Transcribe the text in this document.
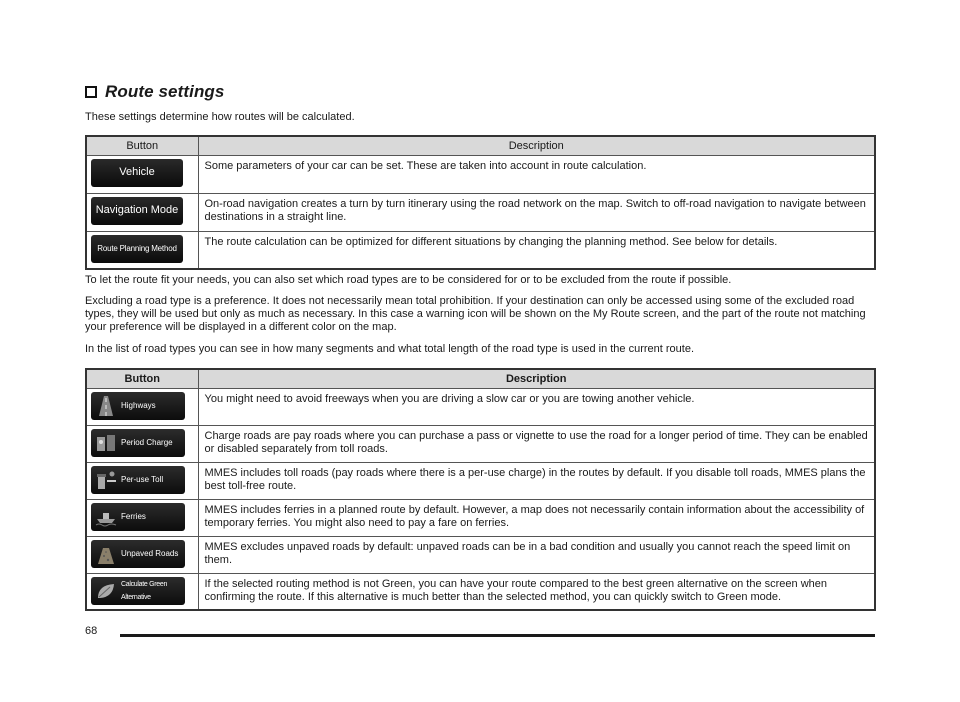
Route settings
These settings determine how routes will be calculated.
Button	Description

Vehicle	Some parameters of your car can be set. These are taken into account in route calculation.

Navigation Mode	On-road navigation creates a turn by turn itinerary using the road network on the map. Switch to off-road navigation to navigate between destinations in a straight line.

Route Planning Method	The route calculation can be optimized for different situations by changing the planning method. See below for details.
To let the route fit your needs, you can also set which road types are to be considered for or to be excluded from the route if possible.
Excluding a road type is a preference. It does not necessarily mean total prohibition. If your destination can only be accessed using some of the excluded road types, they will be used but only as much as necessary. In this case a warning icon will be shown on the My Route screen, and the part of the route not matching your preference will be displayed in a different color on the map.
In the list of road types you can see in how many segments and what total length of the road type is used in the current route.
Button	Description

Highways	You might need to avoid freeways when you are driving a slow car or you are towing another vehicle.

Period Charge	Charge roads are pay roads where you can purchase a pass or vignette to use the road for a longer period of time. They can be enabled or disabled separately from toll roads.

Per-use Toll	MMES includes toll roads (pay roads where there is a per-use charge) in the routes by default. If you disable toll roads, MMES plans the best toll-free route.

Ferries	MMES includes ferries in a planned route by default. However, a map does not necessarily contain information about the accessibility of temporary ferries. You might also need to pay a fare on ferries.

Unpaved Roads	MMES excludes unpaved roads by default: unpaved roads can be in a bad condition and usually you cannot reach the speed limit on them.

Calculate Green Alternative	If the selected routing method is not Green, you can have your route compared to the best green alternative on the screen when confirming the route. If this alternative is much better than the selected method, you can quickly switch to Green mode.
68
